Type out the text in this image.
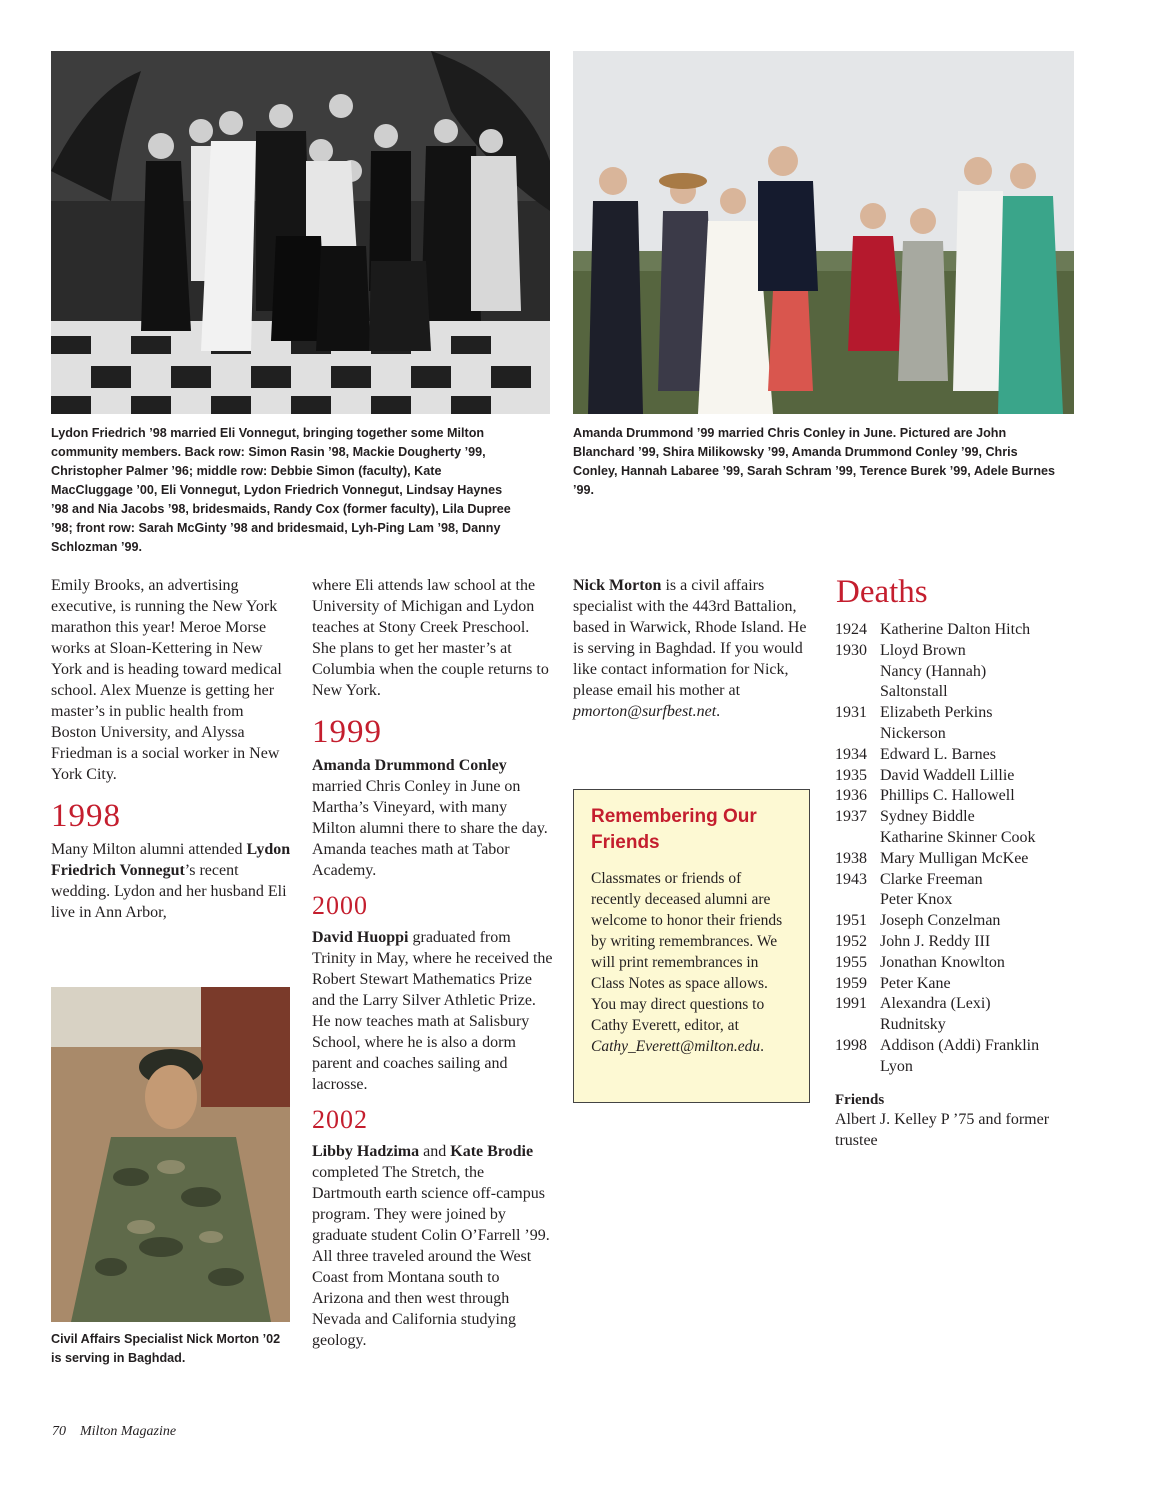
Lydon Friedrich ’98 married Eli Vonnegut, bringing together some Milton community members. Back row: Simon Rasin ’98, Mackie Dougherty ’99, Christopher Palmer ’96; middle row: Debbie Simon (faculty), Kate MacCluggage ’00, Eli Vonnegut, Lydon Friedrich Vonnegut, Lindsay Haynes ’98 and Nia Jacobs ’98, bridesmaids, Randy Cox (former faculty), Lila Dupree ’98; front row: Sarah McGinty ’98 and bridesmaid, Lyh-Ping Lam ’98, Danny Schlozman ’99.
Amanda Drummond ’99 married Chris Conley in June. Pictured are John Blanchard ’99, Shira Milikowsky ’99, Amanda Drummond Conley ’99, Chris Conley, Hannah Labaree ’99, Sarah Schram ’99, Terence Burek ’99, Adele Burnes ’99.

Emily Brooks, an advertising executive, is running the New York marathon this year! Meroe Morse works at Sloan-Kettering in New York and is heading toward medical school. Alex Muenze is getting her master’s in public health from Boston University, and Alyssa Friedman is a social worker in New York City.

1998

Many Milton alumni attended Lydon Friedrich Vonnegut’s recent wedding. Lydon and her husband Eli live in Ann Arbor,

Civil Affairs Specialist Nick Morton ’02 is serving in Baghdad.

where Eli attends law school at the University of Michigan and Lydon teaches at Stony Creek Preschool. She plans to get her master’s at Columbia when the couple returns to New York.

1999

Amanda Drummond Conley
married Chris Conley in June on Martha’s Vineyard, with many Milton alumni there to share the day. Amanda teaches math at Tabor Academy.

2000

David Huoppi graduated from Trinity in May, where he received the Robert Stewart Mathematics Prize and the Larry Silver Athletic Prize. He now teaches math at Salisbury School, where he is also a dorm parent and coaches sailing and lacrosse.

2002

Libby Hadzima and Kate Brodie completed The Stretch, the Dartmouth earth science off-campus program. They were joined by graduate student Colin O’Farrell ’99. All three traveled around the West Coast from Montana south to Arizona and then west through Nevada and California studying geology.

Nick Morton is a civil affairs specialist with the 443rd Battalion, based in Warwick, Rhode Island. He is serving in Baghdad. If you would like contact information for Nick, please email his mother at pmorton@surfbest.net.

Remembering Our Friends

Classmates or friends of recently deceased alumni are welcome to honor their friends by writing remembrances. We will print remembrances in Class Notes as space allows. You may direct questions to Cathy Everett, editor, at Cathy_Everett@milton.edu.

Deaths
1924 Katherine Dalton Hitch
1930 Lloyd Brown
Nancy (Hannah)
Saltonstall
1931 Elizabeth Perkins
Nickerson
1934 Edward L. Barnes
1935 David Waddell Lillie
1936 Phillips C. Hallowell
1937 Sydney Biddle
Katharine Skinner Cook
1938 Mary Mulligan McKee
1943 Clarke Freeman
Peter Knox
1951 Joseph Conzelman
1952 John J. Reddy III
1955 Jonathan Knowlton
1959 Peter Kane
1991 Alexandra (Lexi)
Rudnitsky
1998 Addison (Addi) Franklin
Lyon
Friends
Albert J. Kelley P ’75 and former trustee
70 Milton Magazine
